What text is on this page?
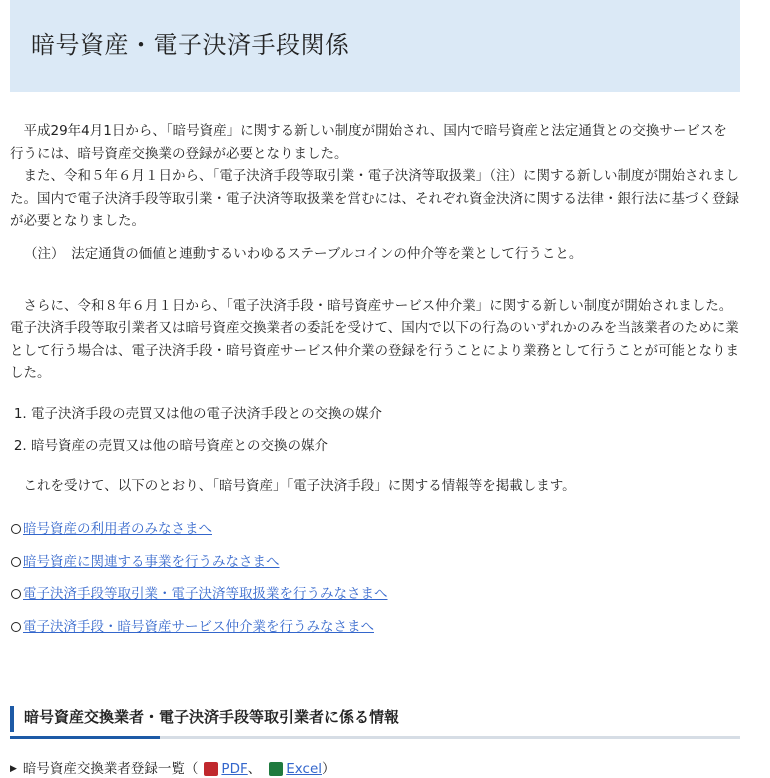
暗号資産・電子決済手段関係

平成29年4月1日から、「暗号資産」に関する新しい制度が開始され、国内で暗号資産と法定通貨との交換サービスを行うには、暗号資産交換業の登録が必要となりました。

また、令和５年６月１日から、「電子決済手段等取引業・電子決済等取扱業」（注）に関する新しい制度が開始されました。国内で電子決済手段等取引業・電子決済等取扱業を営むには、それぞれ資金決済に関する法律・銀行法に基づく登録が必要となりました。

（注）　法定通貨の価値と連動するいわゆるステーブルコインの仲介等を業として行うこと。

さらに、令和８年６月１日から、「電子決済手段・暗号資産サービス仲介業」に関する新しい制度が開始されました。電子決済手段等取引業者又は暗号資産交換業者の委託を受けて、国内で以下の行為のいずれかのみを当該業者のために業として行う場合は、電子決済手段・暗号資産サービス仲介業の登録を行うことにより業務として行うことが可能となりました。

1. 電子決済手段の売買又は他の電子決済手段との交換の媒介
2. 暗号資産の売買又は他の暗号資産との交換の媒介

これを受けて、以下のとおり、「暗号資産」「電子決済手段」に関する情報等を掲載します。

暗号資産の利用者のみなさまへ
暗号資産に関連する事業を行うみなさまへ
電子決済手段等取引業・電子決済等取扱業を行うみなさまへ
電子決済手段・暗号資産サービス仲介業を行うみなさまへ
暗号資産交換業者・電子決済手段等取引業者に係る情報
▶ 暗号資産交換業者登録一覧（ PDF 、 Excel ）
